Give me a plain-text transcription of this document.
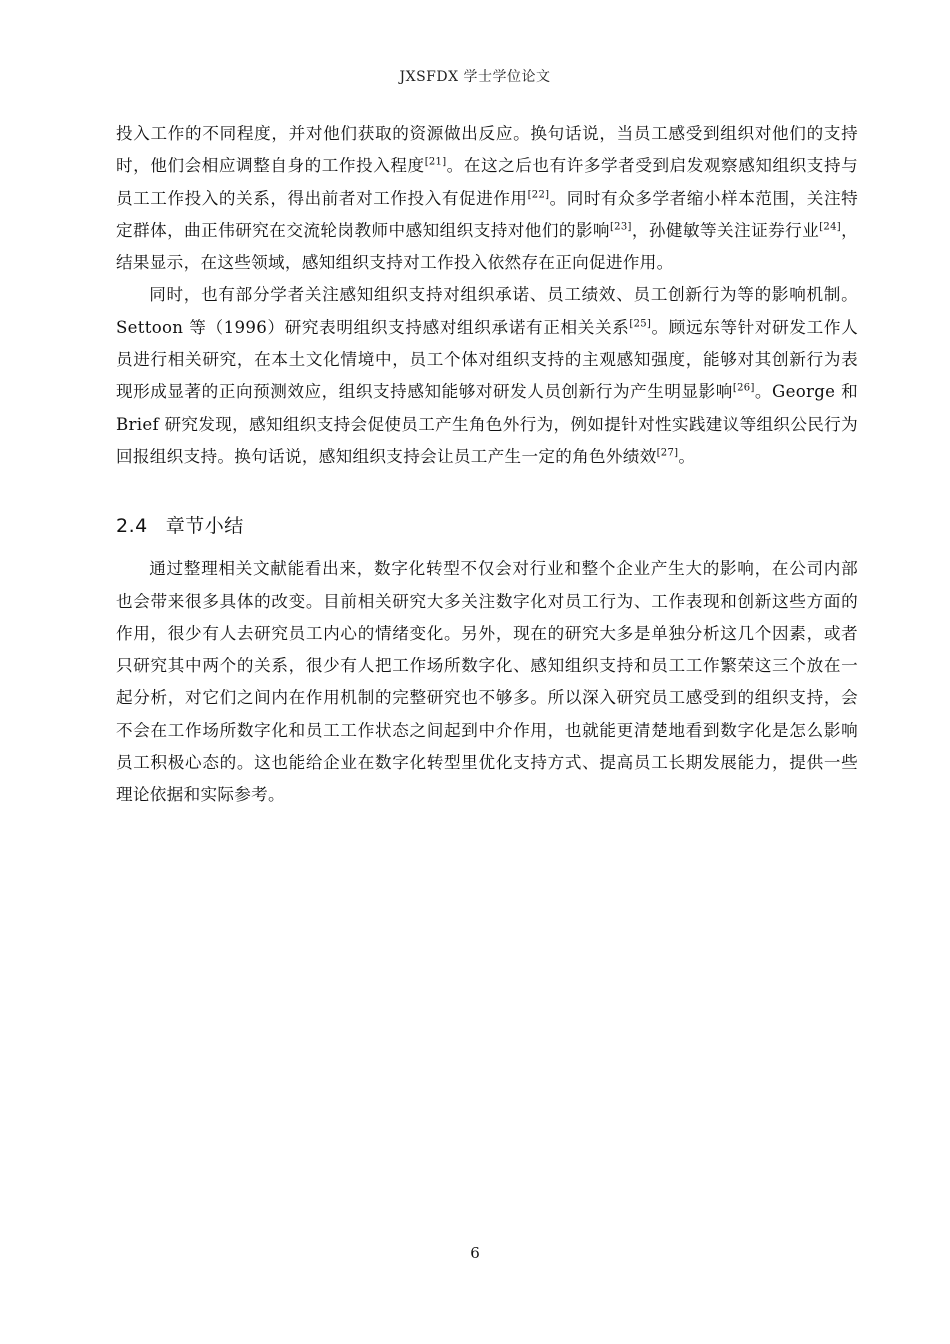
JXSFDX 学士学位论文

投入工作的不同程度，并对他们获取的资源做出反应。换句话说，当员工感受到组织对他们的支持时，他们会相应调整自身的工作投入程度[21]。在这之后也有许多学者受到启发观察感知组织支持与员工工作投入的关系，得出前者对工作投入有促进作用[22]。同时有众多学者缩小样本范围，关注特定群体，曲正伟研究在交流轮岗教师中感知组织支持对他们的影响[23]，孙健敏等关注证券行业[24]，结果显示，在这些领域，感知组织支持对工作投入依然存在正向促进作用。

同时，也有部分学者关注感知组织支持对组织承诺、员工绩效、员工创新行为等的影响机制。Settoon 等（1996）研究表明组织支持感对组织承诺有正相关关系[25]。顾远东等针对研发工作人员进行相关研究，在本土文化情境中，员工个体对组织支持的主观感知强度，能够对其创新行为表现形成显著的正向预测效应，组织支持感知能够对研发人员创新行为产生明显影响[26]。George 和 Brief 研究发现，感知组织支持会促使员工产生角色外行为，例如提针对性实践建议等组织公民行为回报组织支持。换句话说，感知组织支持会让员工产生一定的角色外绩效[27]。

2.4 章节小结

通过整理相关文献能看出来，数字化转型不仅会对行业和整个企业产生大的影响，在公司内部也会带来很多具体的改变。目前相关研究大多关注数字化对员工行为、工作表现和创新这些方面的作用，很少有人去研究员工内心的情绪变化。另外，现在的研究大多是单独分析这几个因素，或者只研究其中两个的关系，很少有人把工作场所数字化、感知组织支持和员工工作繁荣这三个放在一起分析，对它们之间内在作用机制的完整研究也不够多。所以深入研究员工感受到的组织支持，会不会在工作场所数字化和员工工作状态之间起到中介作用，也就能更清楚地看到数字化是怎么影响员工积极心态的。这也能给企业在数字化转型里优化支持方式、提高员工长期发展能力，提供一些理论依据和实际参考。

6
